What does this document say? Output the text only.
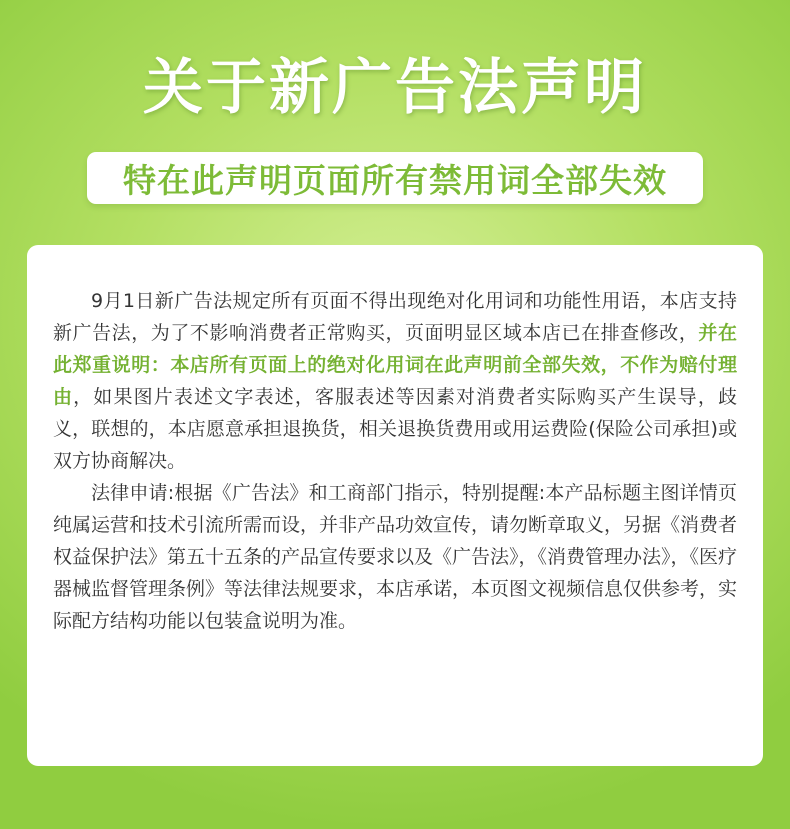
关于新广告法声明
特在此声明页面所有禁用词全部失效

9月1日新广告法规定所有页面不得出现绝对化用词和功能性用语，本店支持新广告法，为了不影响消费者正常购买，页面明显区域本店已在排查修改，并在此郑重说明：本店所有页面上的绝对化用词在此声明前全部失效，不作为赔付理由，如果图片表述文字表述，客服表述等因素对消费者实际购买产生误导，歧义，联想的，本店愿意承担退换货，相关退换货费用或用运费险(保险公司承担)或双方协商解决。

法律申请:根据《广告法》和工商部门指示，特别提醒:本产品标题主图详情页纯属运营和技术引流所需而设，并非产品功效宣传，请勿断章取义，另据《消费者权益保护法》第五十五条的产品宣传要求以及《广告法》，《消费管理办法》，《医疗器械监督管理条例》等法律法规要求，本店承诺，本页图文视频信息仅供参考，实际配方结构功能以包装盒说明为准。
